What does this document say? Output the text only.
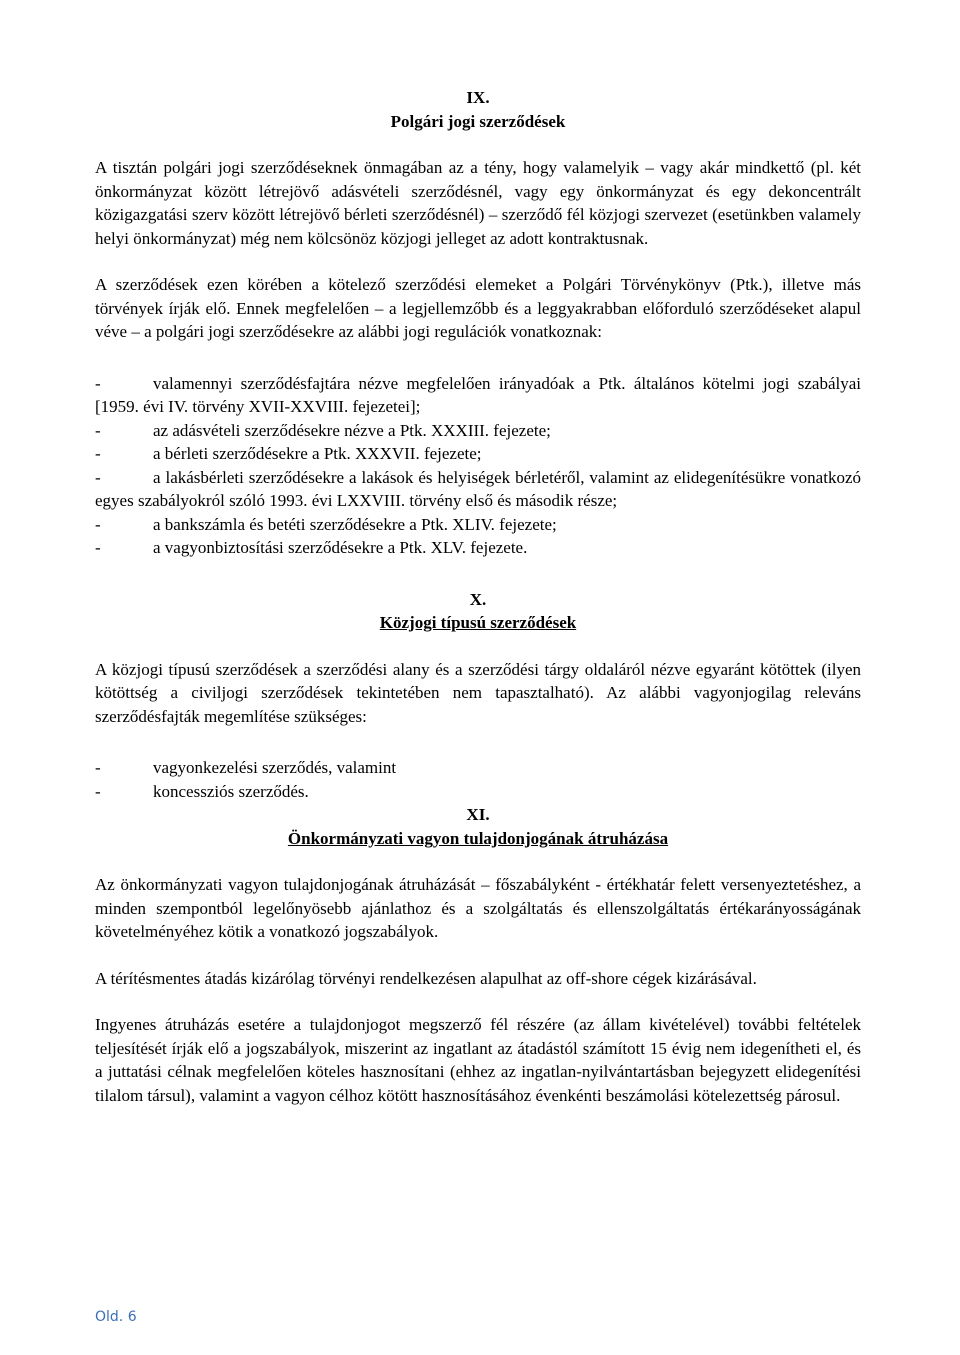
IX.
Polgári jogi szerződések

A tisztán polgári jogi szerződéseknek önmagában az a tény, hogy valamelyik – vagy akár mindkettő (pl. két önkormányzat között létrejövő adásvételi szerződésnél, vagy egy önkormányzat és egy dekoncentrált közigazgatási szerv között létrejövő bérleti szerződésnél) – szerződő fél közjogi szervezet (esetünkben valamely helyi önkormányzat) még nem kölcsönöz közjogi jelleget az adott kontraktusnak.

A szerződések ezen körében a kötelező szerződési elemeket a Polgári Törvénykönyv (Ptk.), illetve más törvények írják elő. Ennek megfelelően – a legjellemzőbb és a leggyakrabban előforduló szerződéseket alapul véve – a polgári jogi szerződésekre az alábbi jogi regulációk vonatkoznak:

-	valamennyi szerződésfajtára nézve megfelelően irányadóak a Ptk. általános kötelmi jogi szabályai [1959. évi IV. törvény XVII-XXVIII. fejezetei];

-	az adásvételi szerződésekre nézve a Ptk. XXXIII. fejezete;

-	a bérleti szerződésekre a Ptk. XXXVII. fejezete;

-	a lakásbérleti szerződésekre a lakások és helyiségek bérletéről, valamint az elidegenítésükre vonatkozó egyes szabályokról szóló 1993. évi LXXVIII. törvény első és második része;

-	a bankszámla és betéti szerződésekre a Ptk. XLIV. fejezete;

-	a vagyonbiztosítási szerződésekre a Ptk. XLV. fejezete.

X.
Közjogi típusú szerződések

A közjogi típusú szerződések a szerződési alany és a szerződési tárgy oldaláról nézve egyaránt kötöttek (ilyen kötöttség a civiljogi szerződések tekintetében nem tapasztalható). Az alábbi vagyonjogilag releváns szerződésfajták megemlítése szükséges:

-	vagyonkezelési szerződés, valamint

-	koncessziós szerződés.

XI.
Önkormányzati vagyon tulajdonjogának átruházása

Az önkormányzati vagyon tulajdonjogának átruházását – főszabályként - értékhatár felett versenyeztetéshez, a minden szempontból legelőnyösebb ajánlathoz és a szolgáltatás és ellenszolgáltatás értékarányosságának követelményéhez kötik a vonatkozó jogszabályok.

A térítésmentes átadás kizárólag törvényi rendelkezésen alapulhat az off-shore cégek kizárásával.

Ingyenes átruházás esetére a tulajdonjogot megszerző fél részére (az állam kivételével) további feltételek teljesítését írják elő a jogszabályok, miszerint az ingatlant az átadástól számított 15 évig nem idegenítheti el, és a juttatási célnak megfelelően köteles hasznosítani (ehhez az ingatlan-nyilvántartásban bejegyzett elidegenítési tilalom társul), valamint a vagyon célhoz kötött hasznosításához évenkénti beszámolási kötelezettség párosul.

Old. 6
